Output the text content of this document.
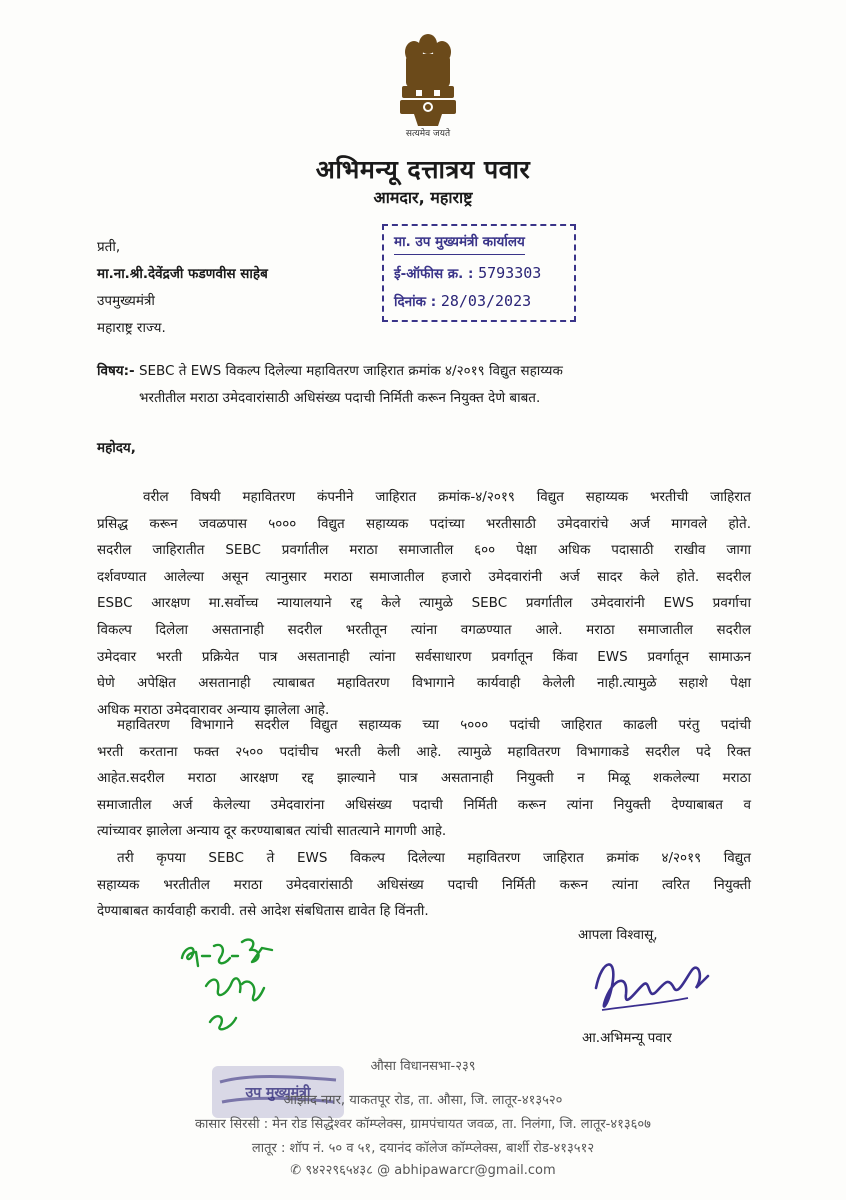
सत्यमेव जयते
अभिमन्यू दत्तात्रय पवार
आमदार, महाराष्ट्र
प्रती,
मा.ना.श्री.देवेंद्रजी फडणवीस साहेब
उपमुख्यमंत्री
महाराष्ट्र राज्य.
मा. उप मुख्यमंत्री कार्यालय
ई-ऑफीस क्र. : 5793303
दिनांक : 28/03/2023
विषय:- SEBC ते EWS विकल्प दिलेल्या महावितरण जाहिरात क्रमांक ४/२०१९ विद्युत सहाय्यक
भरतीतील मराठा उमेदवारांसाठी अधिसंख्य पदाची निर्मिती करून नियुक्त देणे बाबत.
महोदय,
वरील विषयी महावितरण कंपनीने जाहिरात क्रमांक-४/२०१९ विद्युत सहाय्यक भरतीची जाहिरात
प्रसिद्ध करून जवळपास ५००० विद्युत सहाय्यक पदांच्या भरतीसाठी उमेदवारांचे अर्ज मागवले होते.
सदरील जाहिरातीत SEBC प्रवर्गातील मराठा समाजातील ६०० पेक्षा अधिक पदासाठी राखीव जागा
दर्शवण्यात आलेल्या असून त्यानुसार मराठा समाजातील हजारो उमेदवारांनी अर्ज सादर केले होते. सदरील
ESBC आरक्षण मा.सर्वोच्च न्यायालयाने रद्द केले त्यामुळे SEBC प्रवर्गातील उमेदवारांनी EWS प्रवर्गाचा
विकल्प दिलेला असतानाही सदरील भरतीतून त्यांना वगळण्यात आले. मराठा समाजातील सदरील
उमेदवार भरती प्रक्रियेत पात्र असतानाही त्यांना सर्वसाधारण प्रवर्गातून किंवा EWS प्रवर्गातून सामाऊन
घेणे अपेक्षित असतानाही त्याबाबत महावितरण विभागाने कार्यवाही केलेली नाही.त्यामुळे सहाशे पेक्षा
अधिक मराठा उमेदवारावर अन्याय झालेला आहे.
महावितरण विभागाने सदरील विद्युत सहाय्यक च्या ५००० पदांची जाहिरात काढली परंतु पदांची
भरती करताना फक्त २५०० पदांचीच भरती केली आहे. त्यामुळे महावितरण विभागाकडे सदरील पदे रिक्त
आहेत.सदरील मराठा आरक्षण रद्द झाल्याने पात्र असतानाही नियुक्ती न मिळू शकलेल्या मराठा
समाजातील अर्ज केलेल्या उमेदवारांना अधिसंख्य पदाची निर्मिती करून त्यांना नियुक्ती देण्याबाबत व
त्यांच्यावर झालेला अन्याय दूर करण्याबाबत त्यांची सातत्याने मागणी आहे.
तरी कृपया SEBC ते EWS विकल्प दिलेल्या महावितरण जाहिरात क्रमांक ४/२०१९ विद्युत
सहाय्यक भरतीतील मराठा उमेदवारांसाठी अधिसंख्य पदाची निर्मिती करून त्यांना त्वरित नियुक्ती
देण्याबाबत कार्यवाही करावी. तसे आदेश संबधितास द्यावेत हि विंनती.
आपला विश्वासू,
आ.अभिमन्यू पवार
उप मुख्यमंत्री
औसा विधानसभा-२३९
आझाद नगर, याकतपूर रोड, ता. औसा, जि. लातूर-४१३५२०
कासार सिरसी : मेन रोड सिद्धेश्वर कॉम्प्लेक्स, ग्रामपंचायत जवळ, ता. निलंगा, जि. लातूर-४१३६०७
लातूर : शॉप नं. ५० व ५१, दयानंद कॉलेज कॉम्प्लेक्स, बार्शी रोड-४१३५१२
✆ ९४२२९६५४३८ @ abhipawarcr@gmail.com
